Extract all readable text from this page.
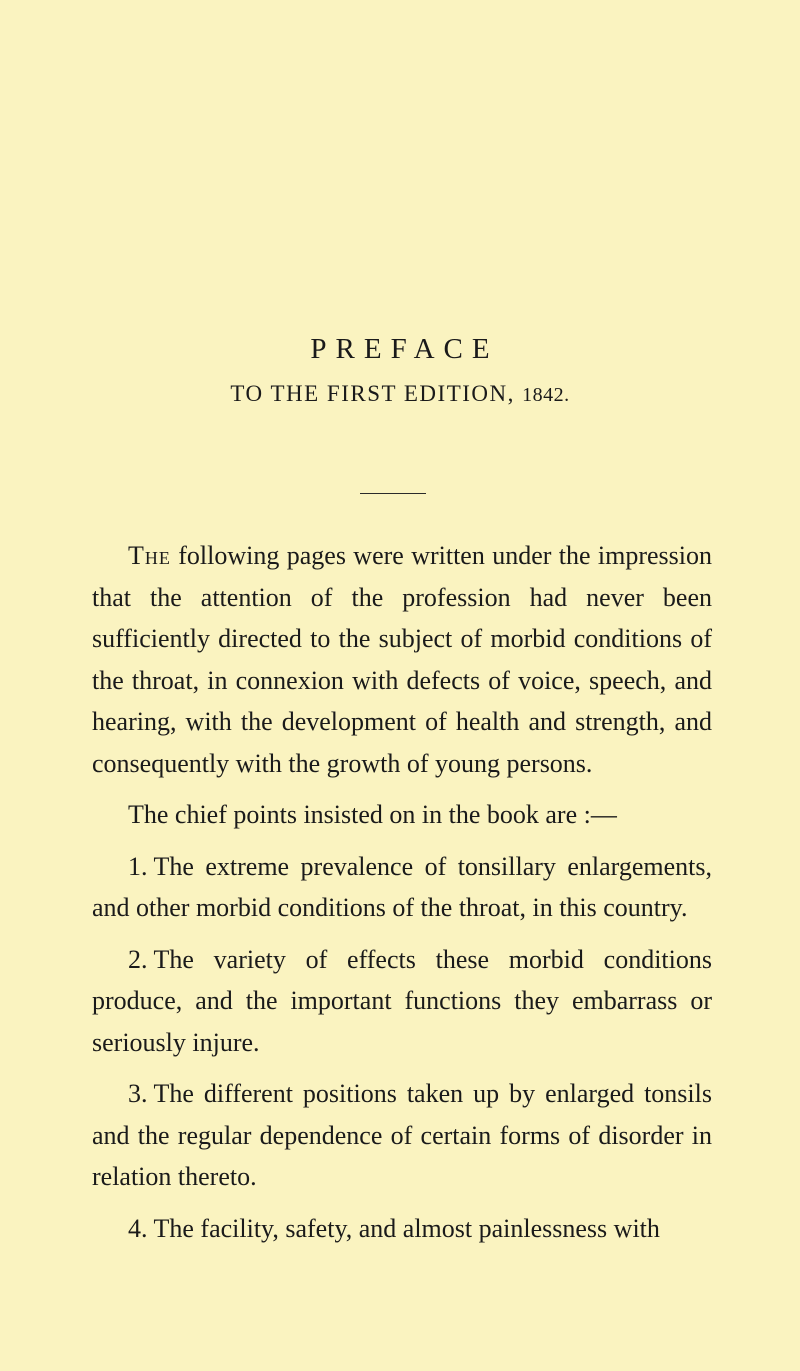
PREFACE
TO THE FIRST EDITION, 1842.

The following pages were written under the impression that the attention of the profession had never been sufficiently directed to the subject of morbid conditions of the throat, in connexion with defects of voice, speech, and hearing, with the development of health and strength, and consequently with the growth of young persons.

The chief points insisted on in the book are :—

1. The extreme prevalence of tonsillary enlargements, and other morbid conditions of the throat, in this country.

2. The variety of effects these morbid conditions produce, and the important functions they embarrass or seriously injure.

3. The different positions taken up by enlarged tonsils and the regular dependence of certain forms of disorder in relation thereto.

4. The facility, safety, and almost painlessness with
